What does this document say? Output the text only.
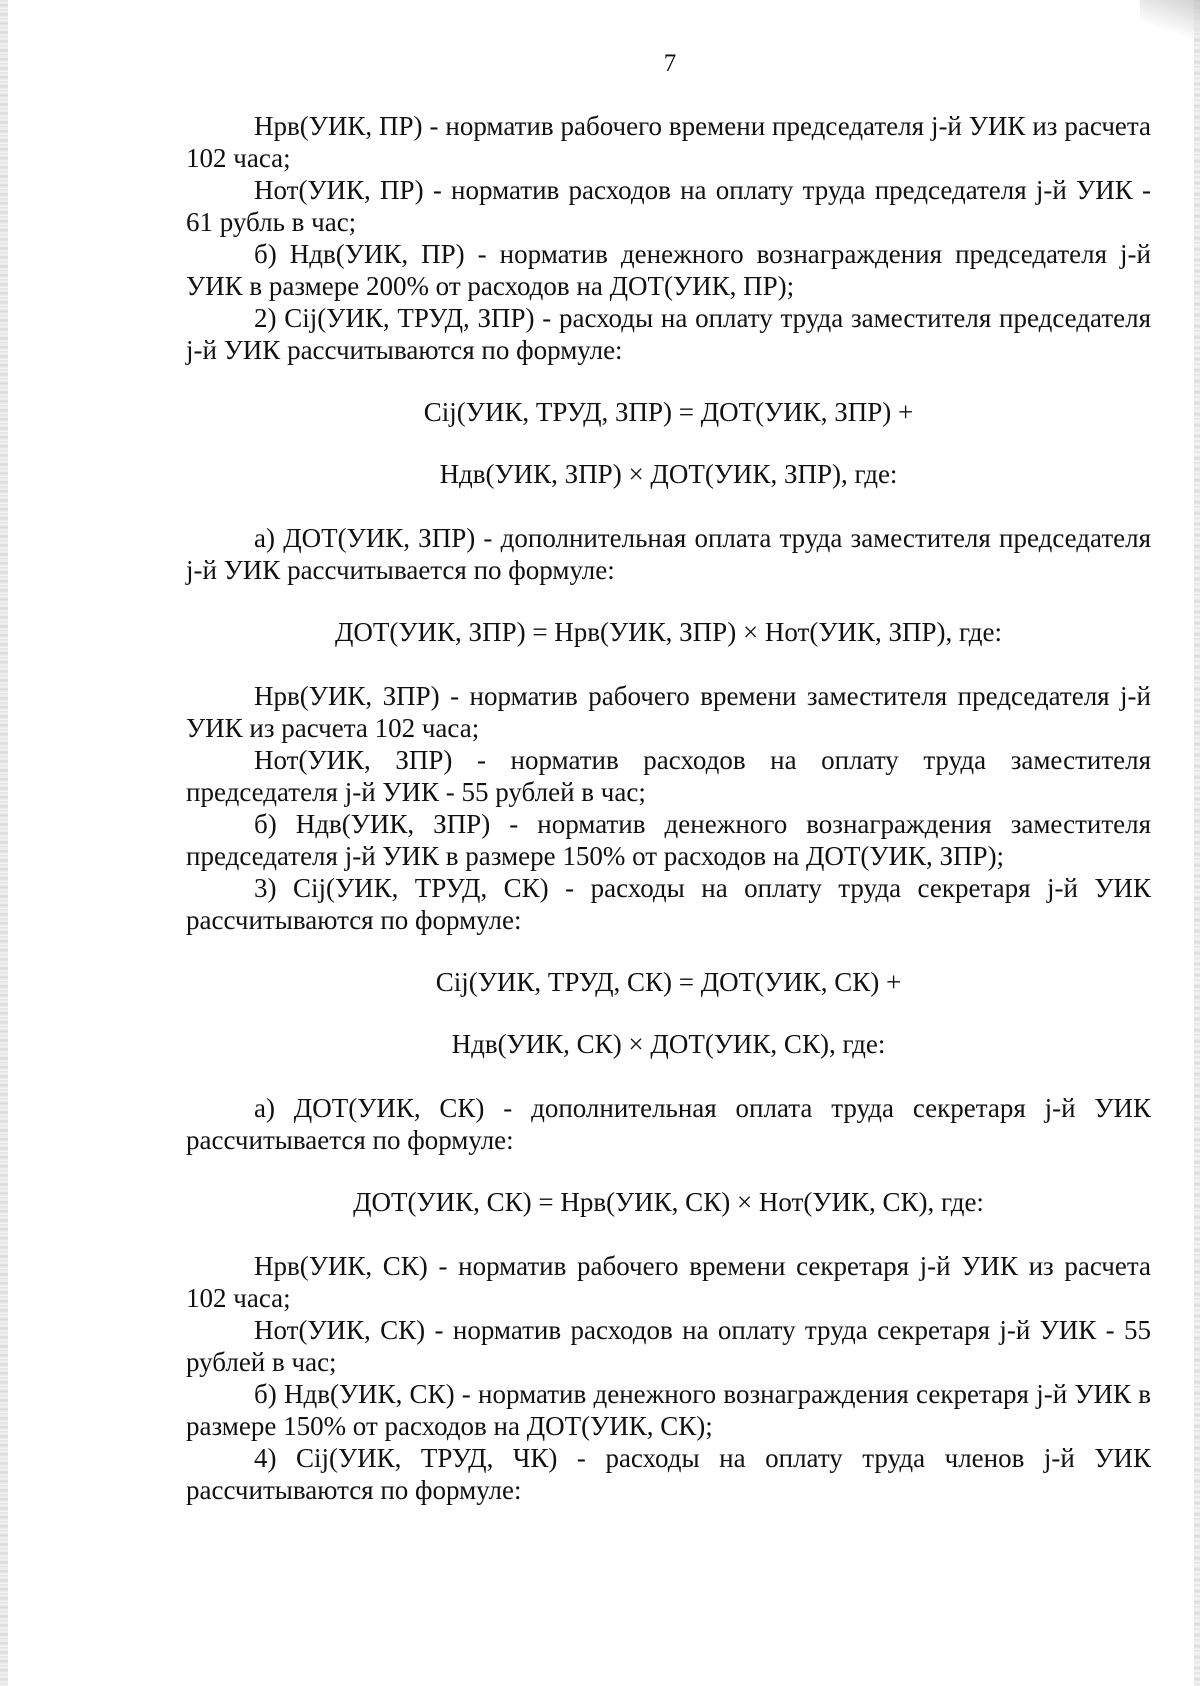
7

Нрв(УИК, ПР) - норматив рабочего времени председателя j-й УИК из расчета 102 часа;

Нот(УИК, ПР) - норматив расходов на оплату труда председателя j-й УИК - 61 рубль в час;

б) Ндв(УИК, ПР) - норматив денежного вознаграждения председателя j-й УИК в размере 200% от расходов на ДОТ(УИК, ПР);

2) Cij(УИК, ТРУД, ЗПР) - расходы на оплату труда заместителя председателя j-й УИК рассчитываются по формуле:

Cij(УИК, ТРУД, ЗПР) = ДОТ(УИК, ЗПР) +

Ндв(УИК, ЗПР) × ДОТ(УИК, ЗПР), где:

а) ДОТ(УИК, ЗПР) - дополнительная оплата труда заместителя председателя j-й УИК рассчитывается по формуле:

ДОТ(УИК, ЗПР) = Нрв(УИК, ЗПР) × Нот(УИК, ЗПР), где:

Нрв(УИК, ЗПР) - норматив рабочего времени заместителя председателя j-й УИК из расчета 102 часа;

Нот(УИК, ЗПР) - норматив расходов на оплату труда заместителя председателя j-й УИК - 55 рублей в час;

б) Ндв(УИК, ЗПР) - норматив денежного вознаграждения заместителя председателя j-й УИК в размере 150% от расходов на ДОТ(УИК, ЗПР);

3) Cij(УИК, ТРУД, СК) - расходы на оплату труда секретаря j-й УИК рассчитываются по формуле:

Cij(УИК, ТРУД, СК) = ДОТ(УИК, СК) +

Ндв(УИК, СК) × ДОТ(УИК, СК), где:

а) ДОТ(УИК, СК) - дополнительная оплата труда секретаря j-й УИК рассчитывается по формуле:

ДОТ(УИК, СК) = Нрв(УИК, СК) × Нот(УИК, СК), где:

Нрв(УИК, СК) - норматив рабочего времени секретаря j-й УИК из расчета 102 часа;

Нот(УИК, СК) - норматив расходов на оплату труда секретаря j-й УИК - 55 рублей в час;

б) Ндв(УИК, СК) - норматив денежного вознаграждения секретаря j-й УИК в размере 150% от расходов на ДОТ(УИК, СК);

4) Cij(УИК, ТРУД, ЧК) - расходы на оплату труда членов j-й УИК рассчитываются по формуле:
